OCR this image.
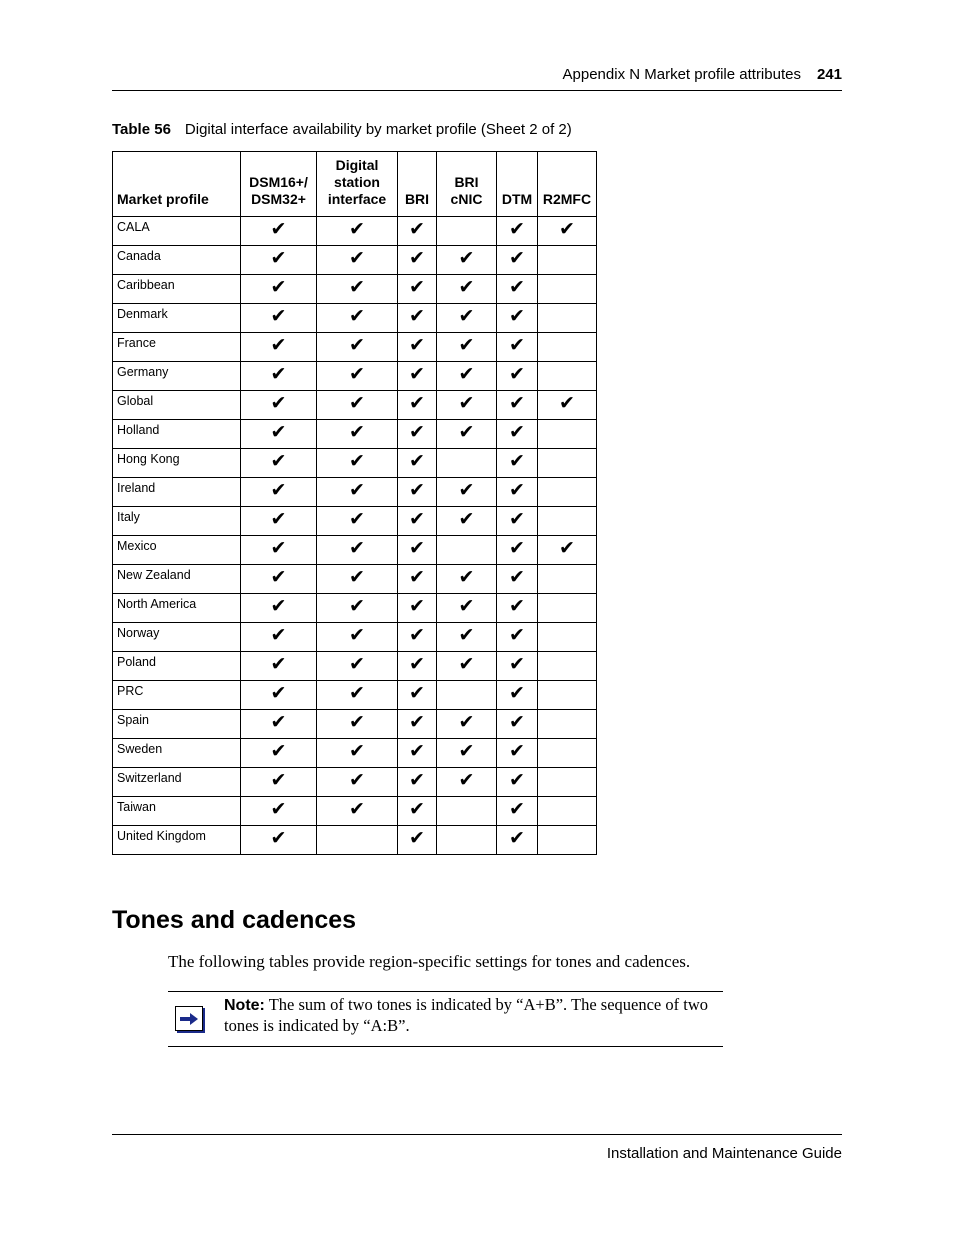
Appendix N Market profile attributes 241
Table 56 Digital interface availability by market profile (Sheet 2 of 2)
Market profile	DSM16+/ DSM32+	Digital station interface	BRI	BRI cNIC	DTM	R2MFC
CALA	✔	✔	✔		✔	✔
Canada	✔	✔	✔	✔	✔	
Caribbean	✔	✔	✔	✔	✔	
Denmark	✔	✔	✔	✔	✔	
France	✔	✔	✔	✔	✔	
Germany	✔	✔	✔	✔	✔	
Global	✔	✔	✔	✔	✔	✔
Holland	✔	✔	✔	✔	✔	
Hong Kong	✔	✔	✔		✔	
Ireland	✔	✔	✔	✔	✔	
Italy	✔	✔	✔	✔	✔	
Mexico	✔	✔	✔		✔	✔
New Zealand	✔	✔	✔	✔	✔	
North America	✔	✔	✔	✔	✔	
Norway	✔	✔	✔	✔	✔	
Poland	✔	✔	✔	✔	✔	
PRC	✔	✔	✔		✔	
Spain	✔	✔	✔	✔	✔	
Sweden	✔	✔	✔	✔	✔	
Switzerland	✔	✔	✔	✔	✔	
Taiwan	✔	✔	✔		✔	
United Kingdom	✔		✔		✔	
Tones and cadences

The following tables provide region-specific settings for tones and cadences.

Note: The sum of two tones is indicated by “A+B”. The sequence of two tones is indicated by “A:B”.
Installation and Maintenance Guide
